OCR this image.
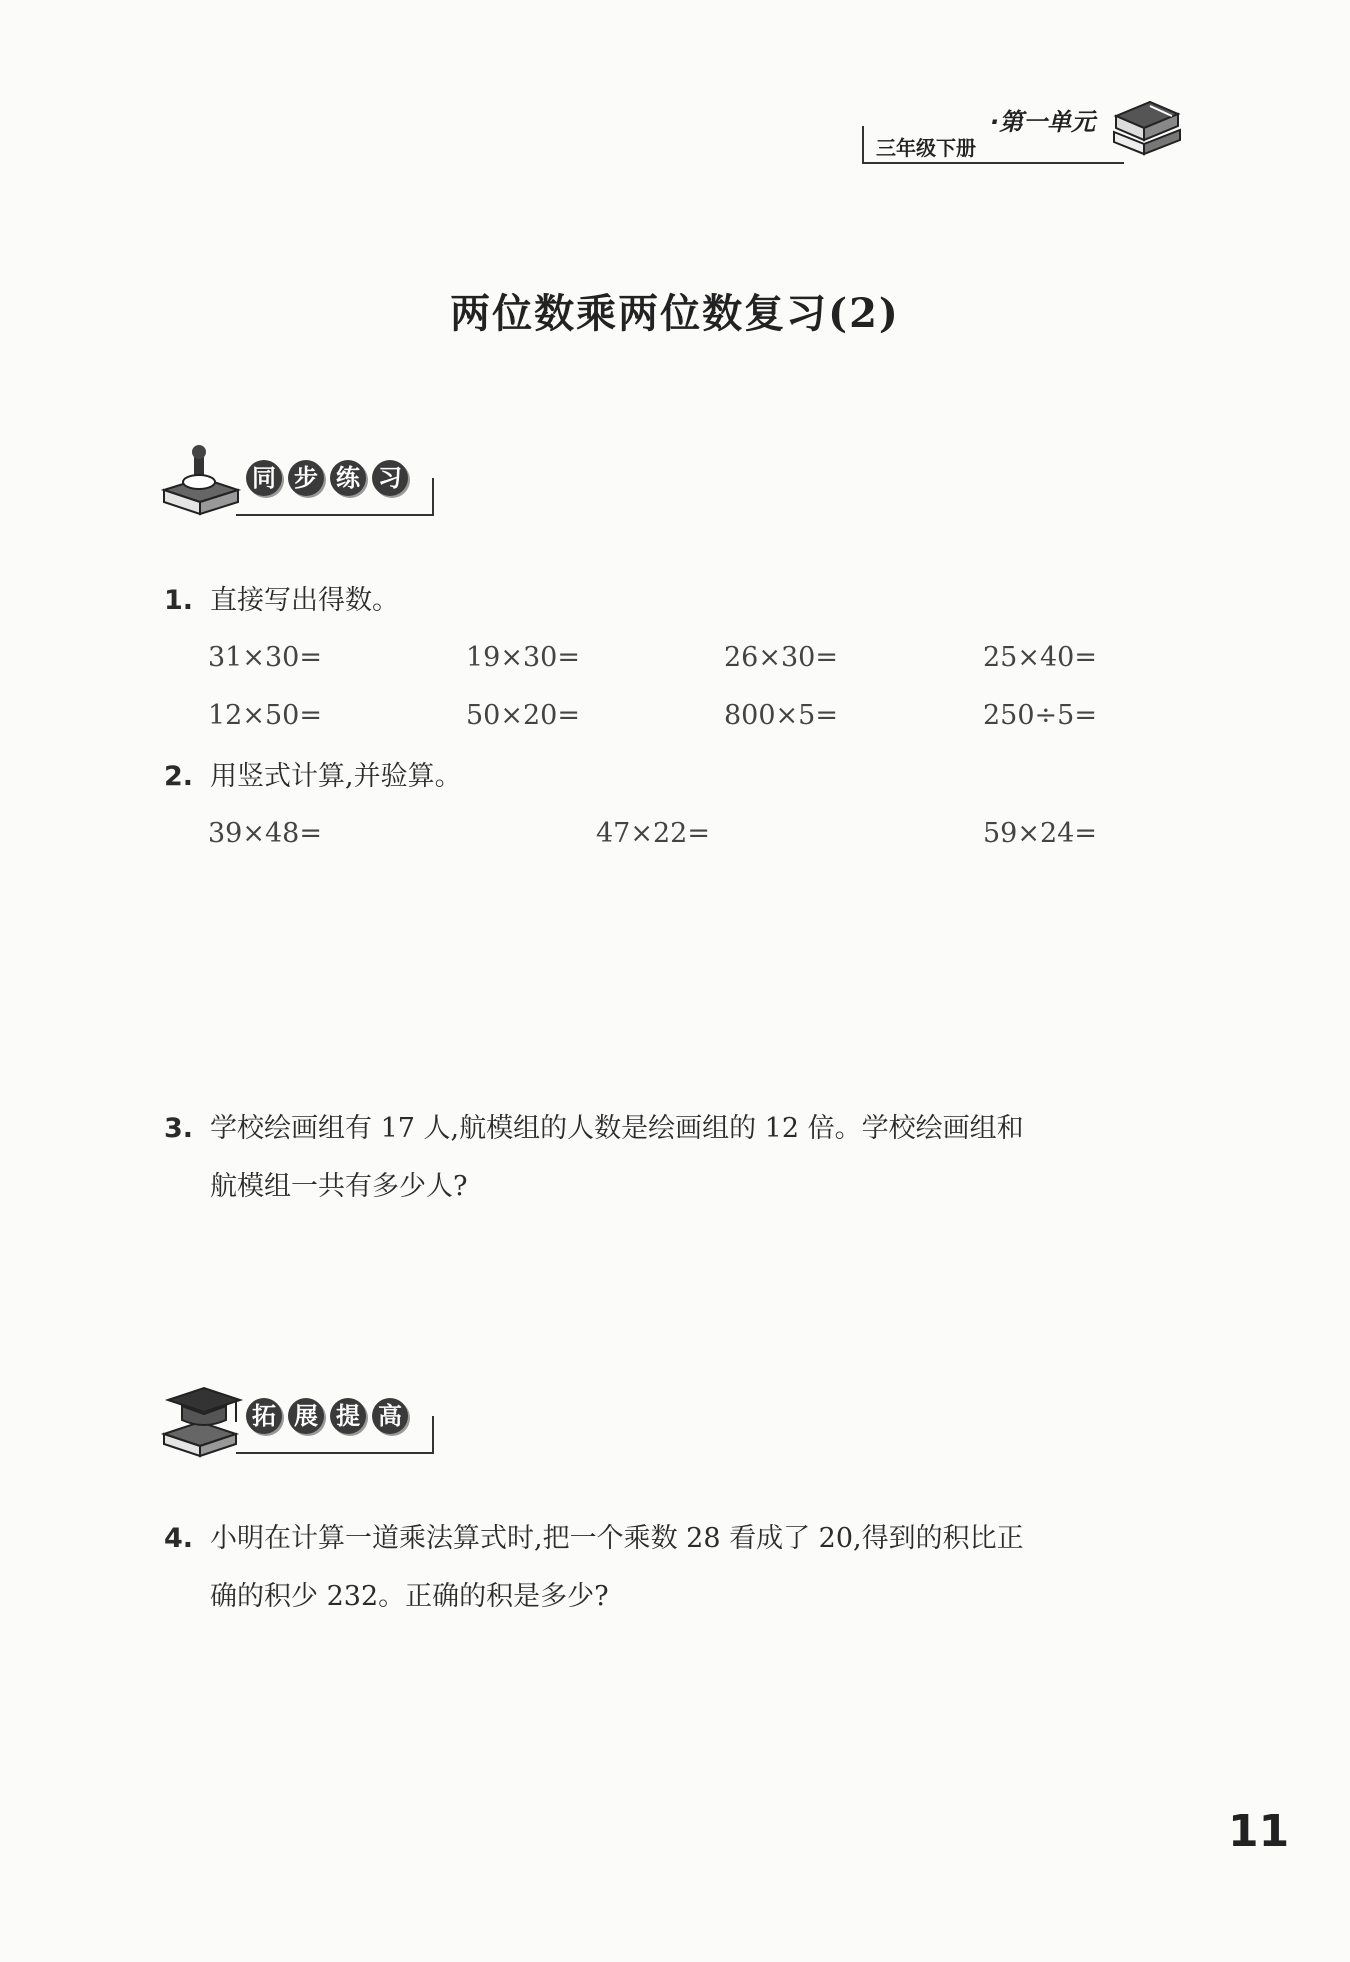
三年级下册
·第一单元
两位数乘两位数复习(2)
同 步 练 习
1. 直接写出得数。
31×30=	19×30=	26×30=	25×40=
12×50=	50×20=	800×5=	250÷5=
2. 用竖式计算,并验算。
39×48=	47×22=	59×24=
3. 学校绘画组有 17 人,航模组的人数是绘画组的 12 倍。学校绘画组和
航模组一共有多少人?
拓 展 提 高
4. 小明在计算一道乘法算式时,把一个乘数 28 看成了 20,得到的积比正
确的积少 232。正确的积是多少?
11
